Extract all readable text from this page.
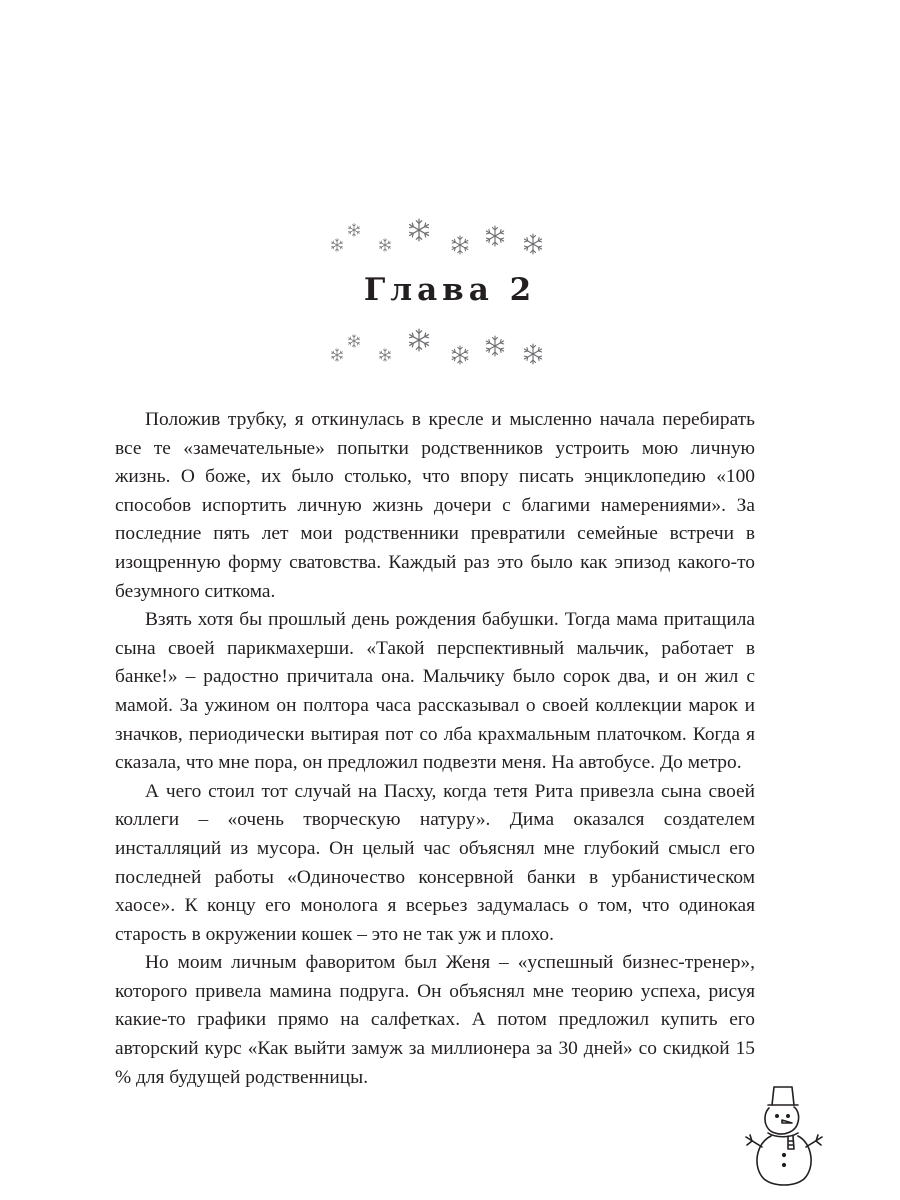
Глава 2

Положив трубку, я откинулась в кресле и мысленно начала перебирать все те «замечательные» попытки родственников устроить мою личную жизнь. О боже, их было столько, что впору писать энциклопедию «100 способов испортить личную жизнь дочери с благими намерениями». За последние пять лет мои родственники превратили семейные встречи в изощренную форму сватовства. Каждый раз это было как эпизод какого-то безумного ситкома.

Взять хотя бы прошлый день рождения бабушки. Тогда мама притащила сына своей парикмахерши. «Такой перспективный мальчик, работает в банке!» – радостно причитала она. Мальчику было сорок два, и он жил с мамой. За ужином он полтора часа рассказывал о своей коллекции марок и значков, периодически вытирая пот со лба крахмальным платочком. Когда я сказала, что мне пора, он предложил подвезти меня. На автобусе. До метро.

А чего стоил тот случай на Пасху, когда тетя Рита привезла сына своей коллеги – «очень творческую натуру». Дима оказался создателем инсталляций из мусора. Он целый час объяснял мне глубокий смысл его последней работы «Одиночество консервной банки в урбанистическом хаосе». К концу его монолога я всерьез задумалась о том, что одинокая старость в окружении кошек – это не так уж и плохо.

Но моим личным фаворитом был Женя – «успешный бизнес-тренер», которого привела мамина подруга. Он объяснял мне теорию успеха, рисуя какие-то графики прямо на салфетках. А потом предложил купить его авторский курс «Как выйти замуж за миллионера за 30 дней» со скидкой 15 % для будущей родственницы.
